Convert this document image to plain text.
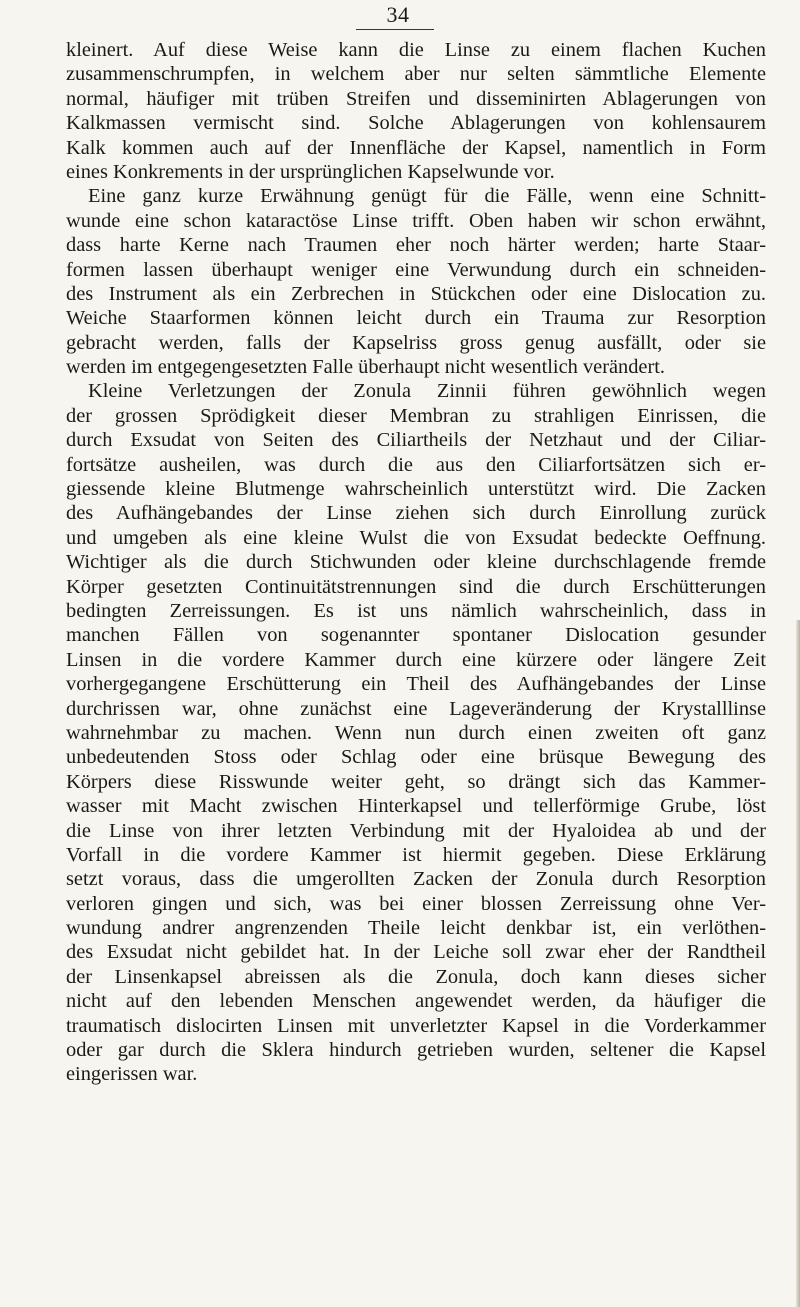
34
kleinert. Auf diese Weise kann die Linse zu einem flachen Kuchen
zusammenschrumpfen, in welchem aber nur selten sämmtliche Elemente
normal, häufiger mit trüben Streifen und disseminirten Ablagerungen von
Kalkmassen vermischt sind. Solche Ablagerungen von kohlensaurem
Kalk kommen auch auf der Innenfläche der Kapsel, namentlich in Form
eines Konkrements in der ursprünglichen Kapselwunde vor.
Eine ganz kurze Erwähnung genügt für die Fälle, wenn eine Schnitt-
wunde eine schon kataractöse Linse trifft. Oben haben wir schon erwähnt,
dass harte Kerne nach Traumen eher noch härter werden; harte Staar-
formen lassen überhaupt weniger eine Verwundung durch ein schneiden-
des Instrument als ein Zerbrechen in Stückchen oder eine Dislocation zu.
Weiche Staarformen können leicht durch ein Trauma zur Resorption
gebracht werden, falls der Kapselriss gross genug ausfällt, oder sie
werden im entgegengesetzten Falle überhaupt nicht wesentlich verändert.
Kleine Verletzungen der Zonula Zinnii führen gewöhnlich wegen
der grossen Sprödigkeit dieser Membran zu strahligen Einrissen, die
durch Exsudat von Seiten des Ciliartheils der Netzhaut und der Ciliar-
fortsätze ausheilen, was durch die aus den Ciliarfortsätzen sich er-
giessende kleine Blutmenge wahrscheinlich unterstützt wird. Die Zacken
des Aufhängebandes der Linse ziehen sich durch Einrollung zurück
und umgeben als eine kleine Wulst die von Exsudat bedeckte Oeffnung.
Wichtiger als die durch Stichwunden oder kleine durchschlagende fremde
Körper gesetzten Continuitätstrennungen sind die durch Erschütterungen
bedingten Zerreissungen. Es ist uns nämlich wahrscheinlich, dass in
manchen Fällen von sogenannter spontaner Dislocation gesunder
Linsen in die vordere Kammer durch eine kürzere oder längere Zeit
vorhergegangene Erschütterung ein Theil des Aufhängebandes der Linse
durchrissen war, ohne zunächst eine Lageveränderung der Krystalllinse
wahrnehmbar zu machen. Wenn nun durch einen zweiten oft ganz
unbedeutenden Stoss oder Schlag oder eine brüsque Bewegung des
Körpers diese Risswunde weiter geht, so drängt sich das Kammer-
wasser mit Macht zwischen Hinterkapsel und tellerförmige Grube, löst
die Linse von ihrer letzten Verbindung mit der Hyaloidea ab und der
Vorfall in die vordere Kammer ist hiermit gegeben. Diese Erklärung
setzt voraus, dass die umgerollten Zacken der Zonula durch Resorption
verloren gingen und sich, was bei einer blossen Zerreissung ohne Ver-
wundung andrer angrenzenden Theile leicht denkbar ist, ein verlöthen-
des Exsudat nicht gebildet hat. In der Leiche soll zwar eher der Randtheil
der Linsenkapsel abreissen als die Zonula, doch kann dieses sicher
nicht auf den lebenden Menschen angewendet werden, da häufiger die
traumatisch dislocirten Linsen mit unverletzter Kapsel in die Vorderkammer
oder gar durch die Sklera hindurch getrieben wurden, seltener die Kapsel
eingerissen war.
